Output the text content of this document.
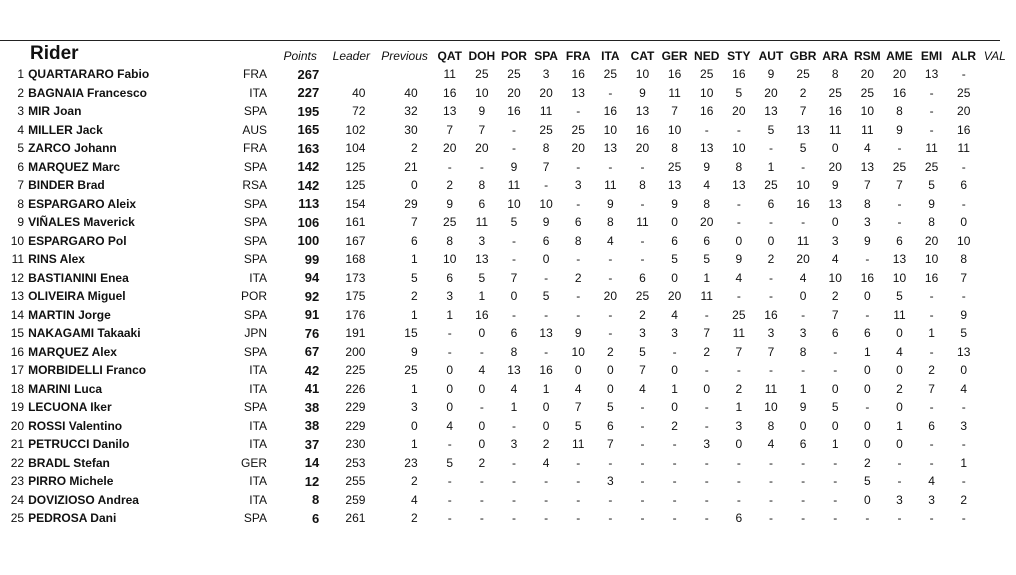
Rider			Points	Leader	Previous	QAT	DOH	POR	SPA	FRA	ITA	CAT	GER	NED	STY	AUT	GBR	ARA	RSM	AME	EMI	ALR	VAL
1	QUARTARARO Fabio	FRA	267			11	25	25	3	16	25	10	16	25	16	9	25	8	20	20	13	-	
2	BAGNAIA Francesco	ITA	227	40	40	16	10	20	20	13	-	9	11	10	5	20	2	25	25	16	-	25	
3	MIR Joan	SPA	195	72	32	13	9	16	11	-	16	13	7	16	20	13	7	16	10	8	-	20	
4	MILLER Jack	AUS	165	102	30	7	7	-	25	25	10	16	10	-	-	5	13	11	11	9	-	16	
5	ZARCO Johann	FRA	163	104	2	20	20	-	8	20	13	20	8	13	10	-	5	0	4	-	11	11	
6	MARQUEZ Marc	SPA	142	125	21	-	-	9	7	-	-	-	25	9	8	1	-	20	13	25	25	-	
7	BINDER Brad	RSA	142	125	0	2	8	11	-	3	11	8	13	4	13	25	10	9	7	7	5	6	
8	ESPARGARO Aleix	SPA	113	154	29	9	6	10	10	-	9	-	9	8	-	6	16	13	8	-	9	-	
9	VIÑALES Maverick	SPA	106	161	7	25	11	5	9	6	8	11	0	20	-	-	-	0	3	-	8	0	
10	ESPARGARO Pol	SPA	100	167	6	8	3	-	6	8	4	-	6	6	0	0	11	3	9	6	20	10	
11	RINS Alex	SPA	99	168	1	10	13	-	0	-	-	-	5	5	9	2	20	4	-	13	10	8	
12	BASTIANINI Enea	ITA	94	173	5	6	5	7	-	2	-	6	0	1	4	-	4	10	16	10	16	7	
13	OLIVEIRA Miguel	POR	92	175	2	3	1	0	5	-	20	25	20	11	-	-	0	2	0	5	-	-	
14	MARTIN Jorge	SPA	91	176	1	1	16	-	-	-	-	2	4	-	25	16	-	7	-	11	-	9	
15	NAKAGAMI Takaaki	JPN	76	191	15	-	0	6	13	9	-	3	3	7	11	3	3	6	6	0	1	5	
16	MARQUEZ Alex	SPA	67	200	9	-	-	8	-	10	2	5	-	2	7	7	8	-	1	4	-	13	
17	MORBIDELLI Franco	ITA	42	225	25	0	4	13	16	0	0	7	0	-	-	-	-	-	0	0	2	0	
18	MARINI Luca	ITA	41	226	1	0	0	4	1	4	0	4	1	0	2	11	1	0	0	2	7	4	
19	LECUONA Iker	SPA	38	229	3	0	-	1	0	7	5	-	0	-	1	10	9	5	-	0	-	-	
20	ROSSI Valentino	ITA	38	229	0	4	0	-	0	5	6	-	2	-	3	8	0	0	0	1	6	3	
21	PETRUCCI Danilo	ITA	37	230	1	-	0	3	2	11	7	-	-	3	0	4	6	1	0	0	-	-	
22	BRADL Stefan	GER	14	253	23	5	2	-	4	-	-	-	-	-	-	-	-	-	2	-	-	1	
23	PIRRO Michele	ITA	12	255	2	-	-	-	-	-	3	-	-	-	-	-	-	-	5	-	4	-	
24	DOVIZIOSO Andrea	ITA	8	259	4	-	-	-	-	-	-	-	-	-	-	-	-	-	0	3	3	2	
25	PEDROSA Dani	SPA	6	261	2	-	-	-	-	-	-	-	-	-	6	-	-	-	-	-	-	-	
